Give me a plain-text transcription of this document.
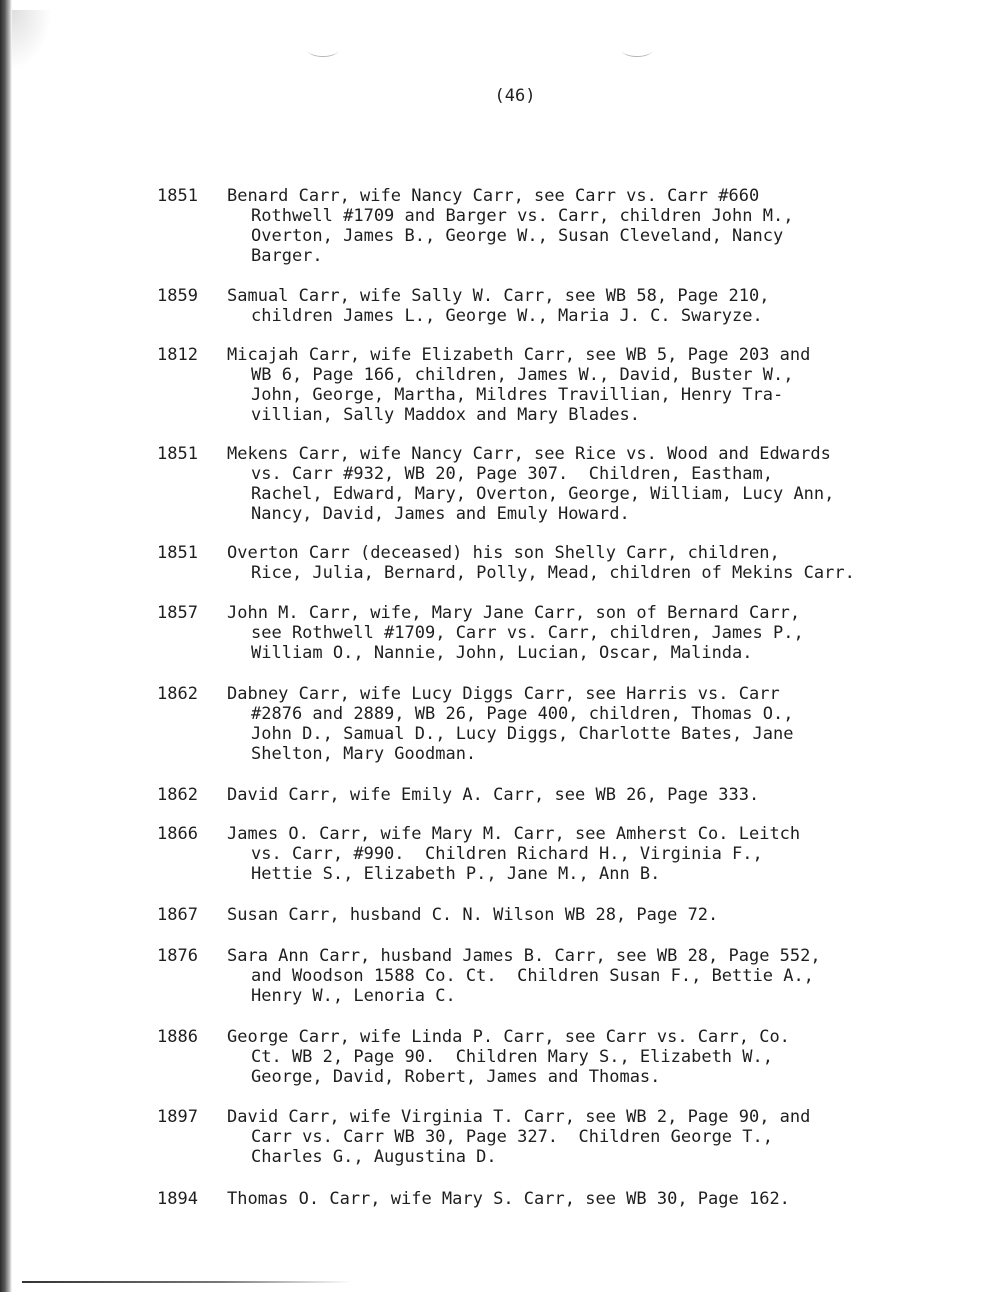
(46)
1851 Benard Carr, wife Nancy Carr, see Carr vs. Carr #660
Rothwell #1709 and Barger vs. Carr, children John M.,
Overton, James B., George W., Susan Cleveland, Nancy
Barger.
1859 Samual Carr, wife Sally W. Carr, see WB 58, Page 210,
children James L., George W., Maria J. C. Swaryze.
1812 Micajah Carr, wife Elizabeth Carr, see WB 5, Page 203 and
WB 6, Page 166, children, James W., David, Buster W.,
John, George, Martha, Mildres Travillian, Henry Tra-
villian, Sally Maddox and Mary Blades.
1851 Mekens Carr, wife Nancy Carr, see Rice vs. Wood and Edwards
vs. Carr #932, WB 20, Page 307.  Children, Eastham,
Rachel, Edward, Mary, Overton, George, William, Lucy Ann,
Nancy, David, James and Emuly Howard.
1851 Overton Carr (deceased) his son Shelly Carr, children,
Rice, Julia, Bernard, Polly, Mead, children of Mekins Carr.
1857 John M. Carr, wife, Mary Jane Carr, son of Bernard Carr,
see Rothwell #1709, Carr vs. Carr, children, James P.,
William O., Nannie, John, Lucian, Oscar, Malinda.
1862 Dabney Carr, wife Lucy Diggs Carr, see Harris vs. Carr
#2876 and 2889, WB 26, Page 400, children, Thomas O.,
John D., Samual D., Lucy Diggs, Charlotte Bates, Jane
Shelton, Mary Goodman.
1862 David Carr, wife Emily A. Carr, see WB 26, Page 333.
1866 James O. Carr, wife Mary M. Carr, see Amherst Co. Leitch
vs. Carr, #990.  Children Richard H., Virginia F.,
Hettie S., Elizabeth P., Jane M., Ann B.
1867 Susan Carr, husband C. N. Wilson WB 28, Page 72.
1876 Sara Ann Carr, husband James B. Carr, see WB 28, Page 552,
and Woodson 1588 Co. Ct.  Children Susan F., Bettie A.,
Henry W., Lenoria C.
1886 George Carr, wife Linda P. Carr, see Carr vs. Carr, Co.
Ct. WB 2, Page 90.  Children Mary S., Elizabeth W.,
George, David, Robert, James and Thomas.
1897 David Carr, wife Virginia T. Carr, see WB 2, Page 90, and
Carr vs. Carr WB 30, Page 327.  Children George T.,
Charles G., Augustina D.
1894 Thomas O. Carr, wife Mary S. Carr, see WB 30, Page 162.
